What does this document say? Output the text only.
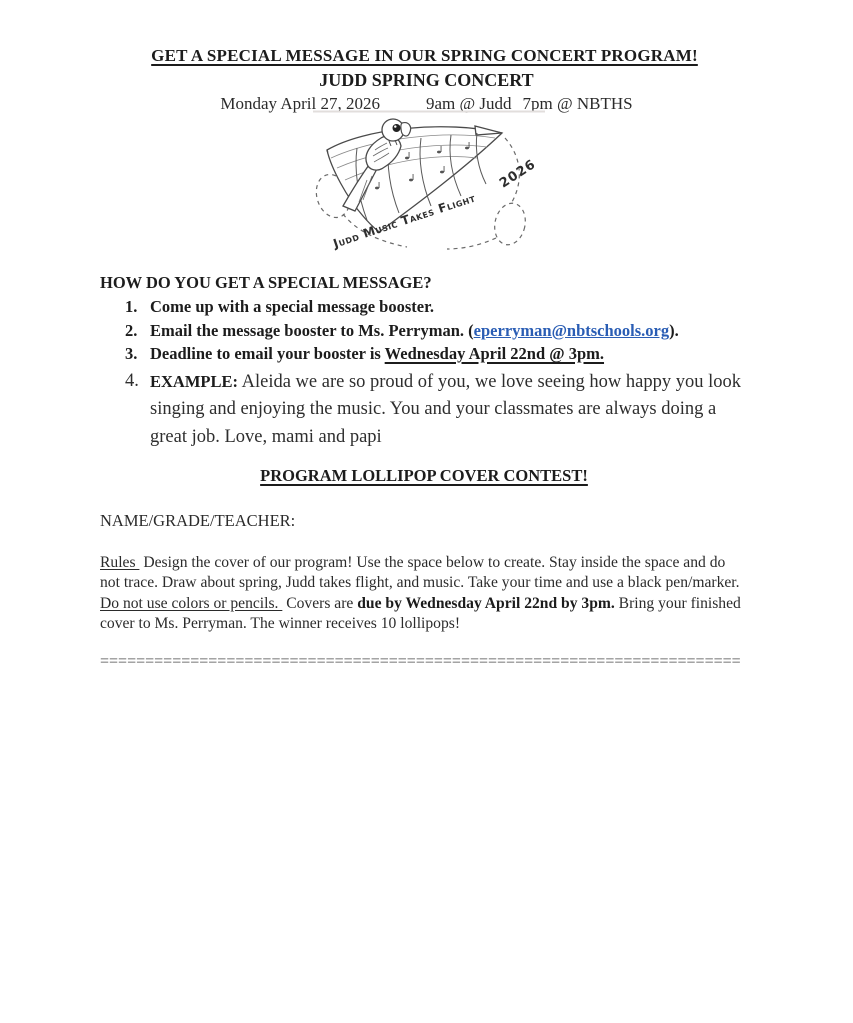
GET A SPECIAL MESSAGE IN OUR SPRING CONCERT PROGRAM!
JUDD SPRING CONCERT
Monday April 27, 2026	9am @ Judd 7pm @ NBTHS
Judd Music Takes Flight
2026
HOW DO YOU GET A SPECIAL MESSAGE?
1. Come up with a special message booster.
2. Email the message booster to Ms. Perryman. (eperryman@nbtschools.org).
3. Deadline to email your booster is Wednesday April 22nd @ 3pm.
4. EXAMPLE: Aleida we are so proud of you, we love seeing how happy you look singing and enjoying the music. You and your classmates are always doing a great job. Love, mami and papi
PROGRAM LOLLIPOP COVER CONTEST!
NAME/GRADE/TEACHER:

Rules  Design the cover of our program! Use the space below to create. Stay inside the space and do not trace. Draw about spring, Judd takes flight, and music. Take your time and use a black pen/marker. Do not use colors or pencils.  Covers are due by Wednesday April 22nd by 3pm. Bring your finished cover to Ms. Perryman. The winner receives 10 lollipops!

=======================================================================
